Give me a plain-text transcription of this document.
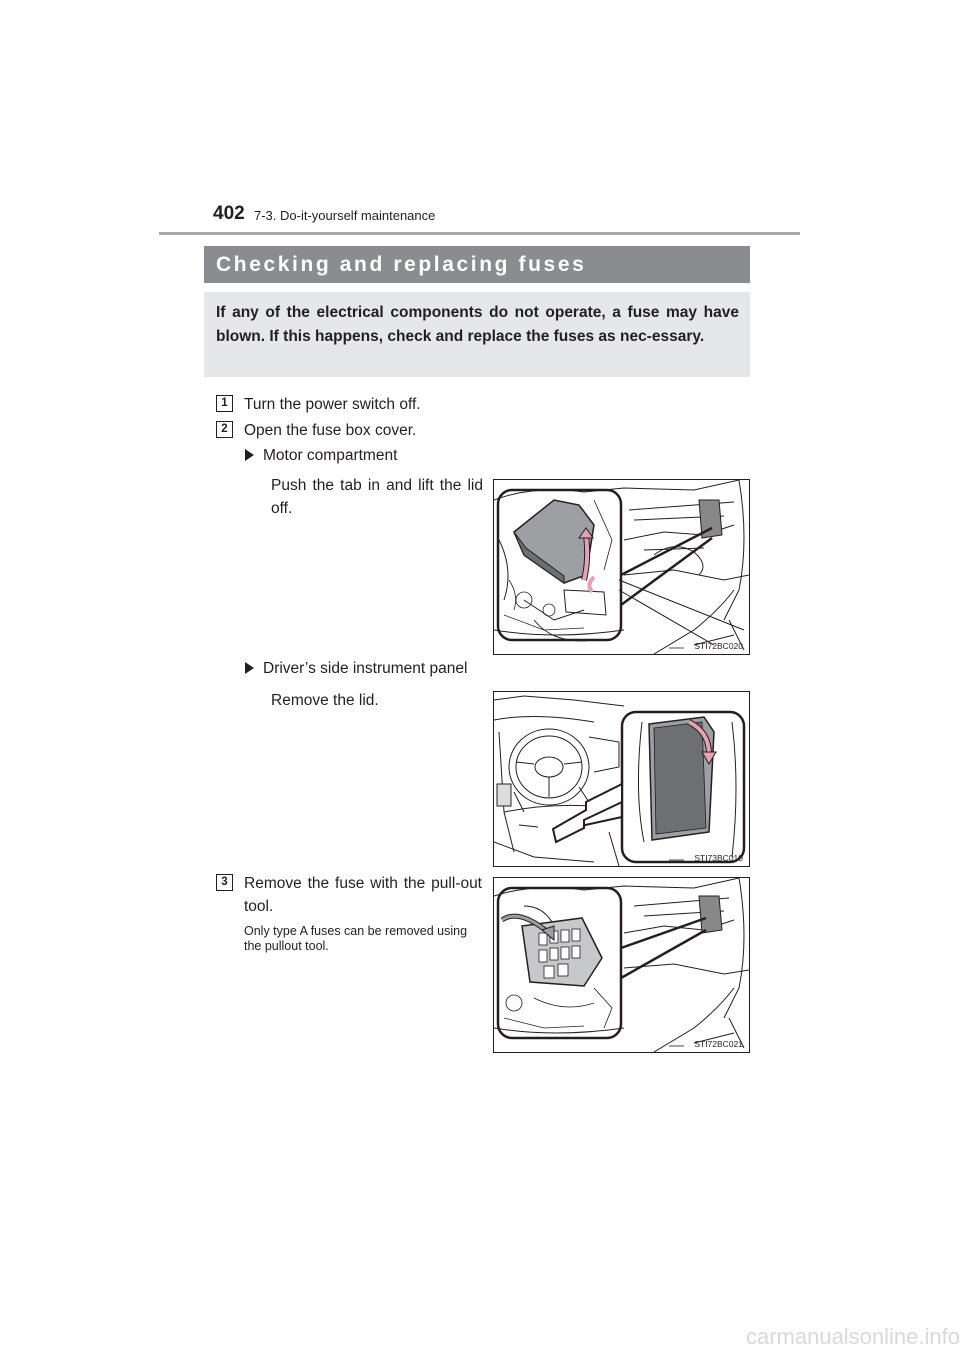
402 7-3. Do-it-yourself maintenance
Checking and replacing fuses

If any of the electrical components do not operate, a fuse may have blown. If this happens, check and replace the fuses as nec-essary.

1	Turn the power switch off.
2	Open the fuse box cover.
Motor compartment
Push the tab in and lift the lid off.
STI72BC020
Driver’s side instrument panel
Remove the lid.
STI73BC010
3	Remove the fuse with the pull-out tool.
Only type A fuses can be removed using the pullout tool.
STI72BC021
carmanualsonline.info
